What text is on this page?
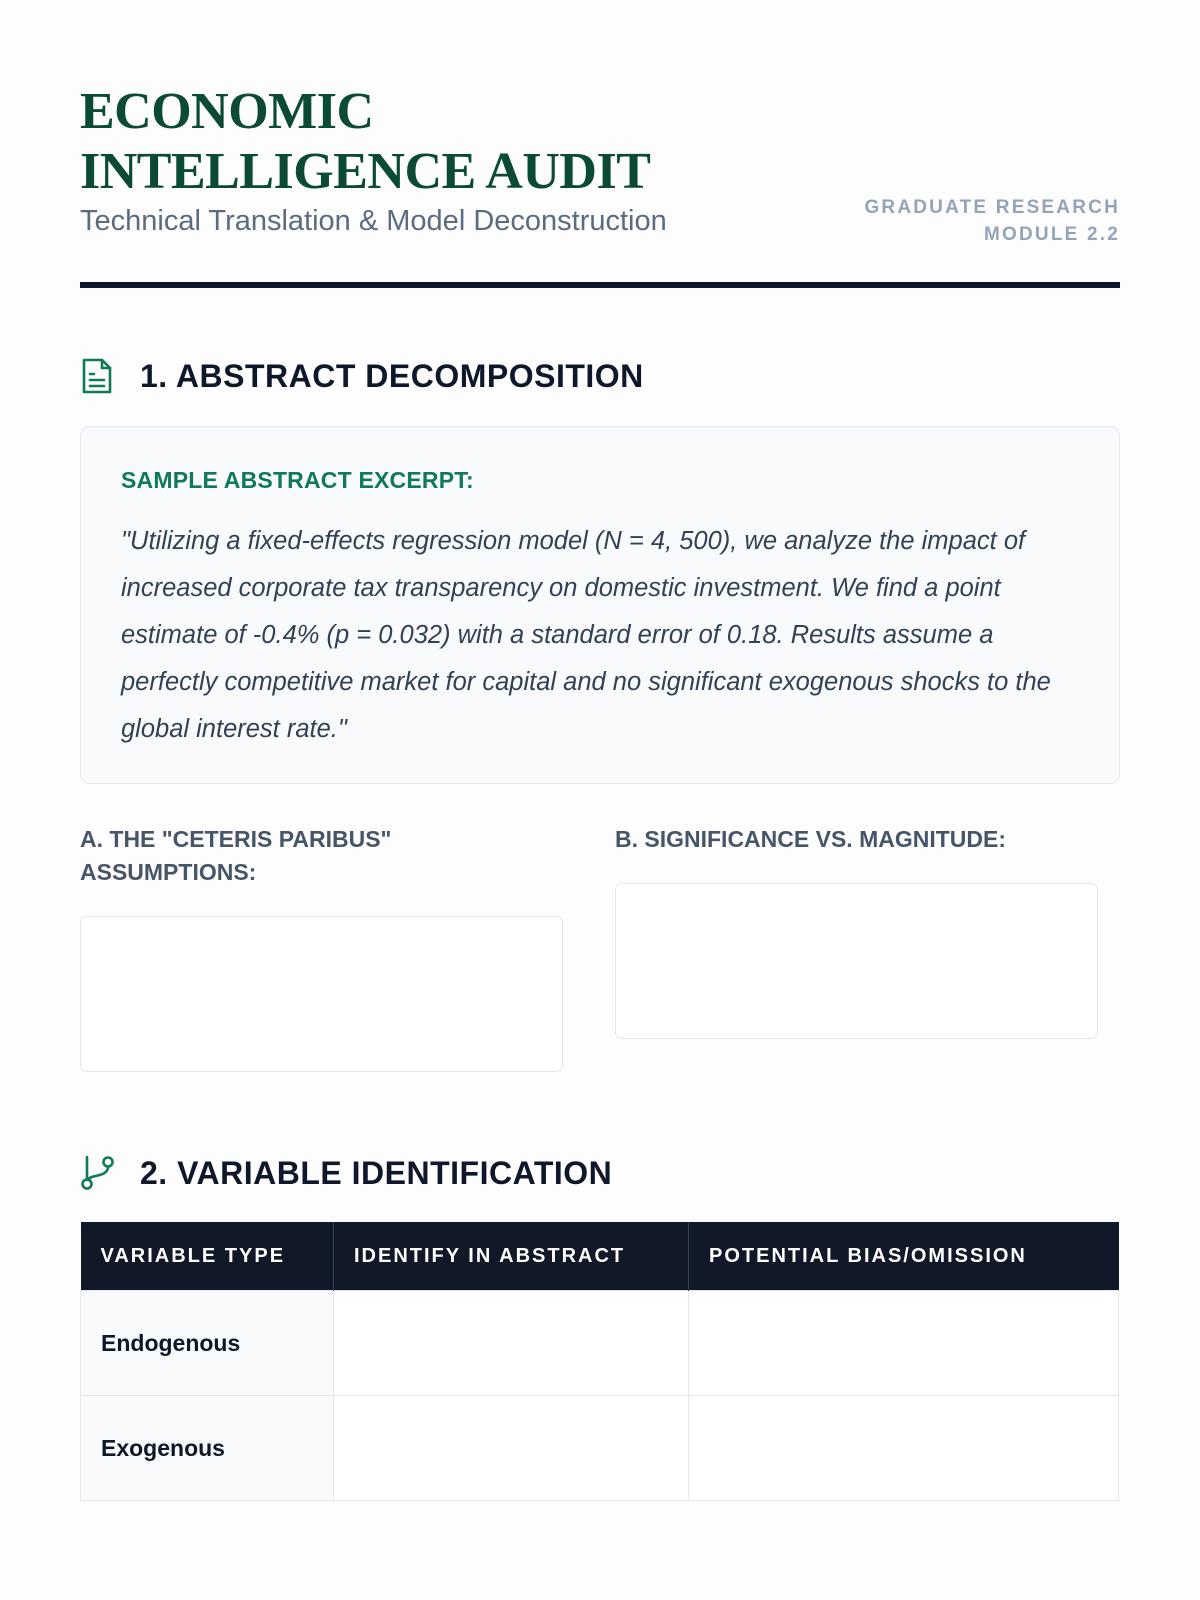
ECONOMIC INTELLIGENCE AUDIT
Technical Translation & Model Deconstruction	GRADUATE RESEARCH
MODULE 2.2
1. ABSTRACT DECOMPOSITION
SAMPLE ABSTRACT EXCERPT:
"Utilizing a fixed-effects regression model (N = 4, 500), we analyze the impact of increased corporate tax transparency on domestic investment. We find a point estimate of -0.4% (p = 0.032) with a standard error of 0.18. Results assume a perfectly competitive market for capital and no significant exogenous shocks to the global interest rate."
A. THE "CETERIS PARIBUS" ASSUMPTIONS:
B. SIGNIFICANCE VS. MAGNITUDE:
2. VARIABLE IDENTIFICATION
VARIABLE TYPE	IDENTIFY IN ABSTRACT	POTENTIAL BIAS/OMISSION
Endogenous		
Exogenous		
